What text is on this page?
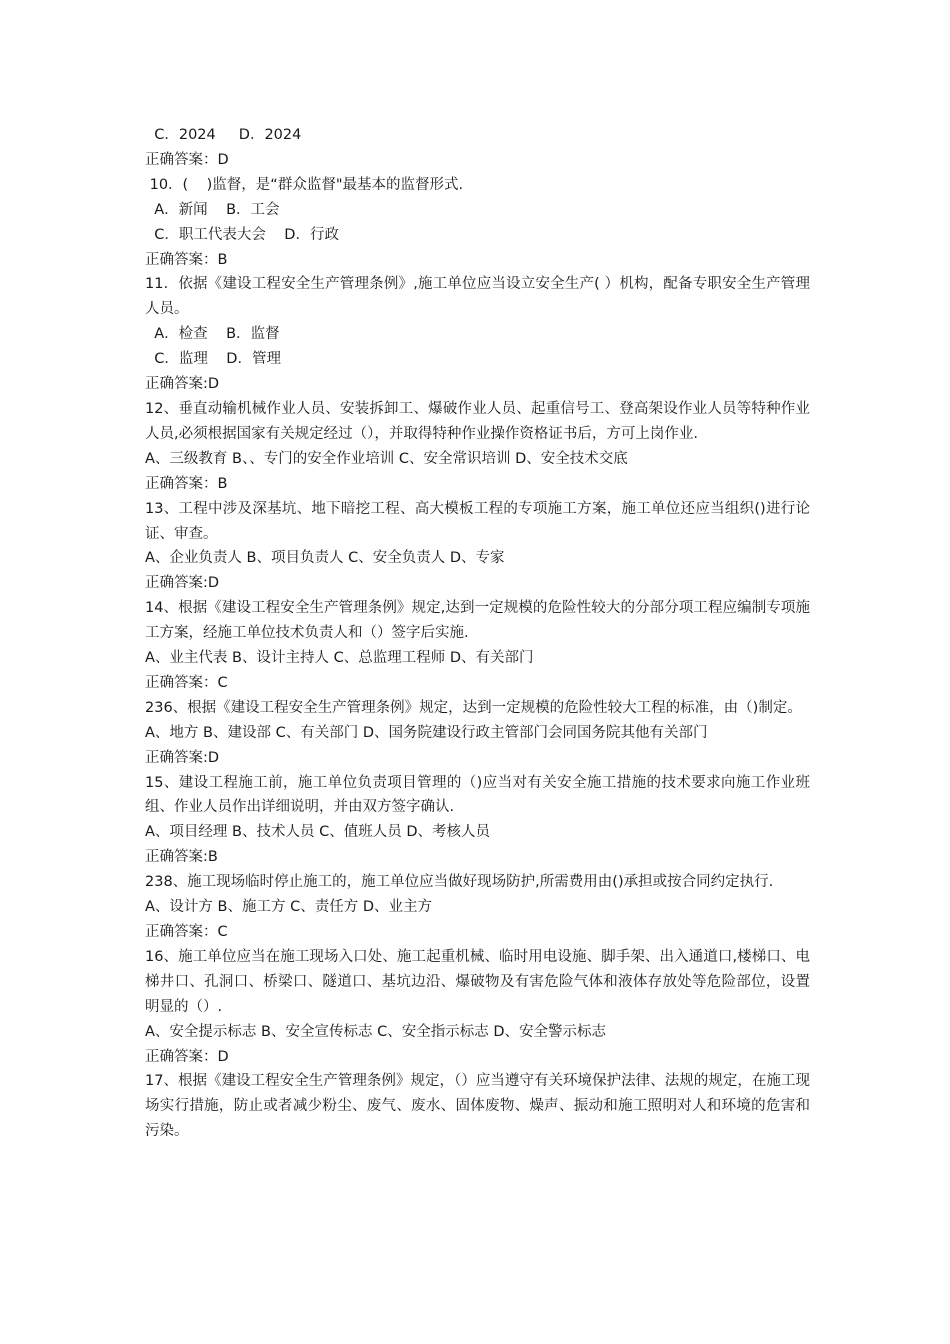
C．2024     D．2024
正确答案：D
10．(    )监督，是“群众监督"最基本的监督形式.
A．新闻    B．工会
C．职工代表大会    D．行政
正确答案：B
11．依据《建设工程安全生产管理条例》,施工单位应当设立安全生产( ）机构，配备专职安全生产管理人员。
A．检查    B．监督
C．监理    D．管理
正确答案:D
12、垂直动输机械作业人员、安装拆卸工、爆破作业人员、起重信号工、登高架设作业人员等特种作业人员,必须根据国家有关规定经过（），并取得特种作业操作资格证书后，方可上岗作业.
A、三级教育 B、、专门的安全作业培训 C、安全常识培训 D、安全技术交底
正确答案：B
13、工程中涉及深基坑、地下暗挖工程、高大模板工程的专项施工方案，施工单位还应当组织()进行论证、审查。
A、企业负责人 B、项目负责人 C、安全负责人 D、专家
正确答案:D
14、根据《建设工程安全生产管理条例》规定,达到一定规模的危险性较大的分部分项工程应编制专项施工方案，经施工单位技术负责人和（）签字后实施.
A、业主代表 B、设计主持人 C、总监理工程师 D、有关部门
正确答案：C
236、根据《建设工程安全生产管理条例》规定，达到一定规模的危险性较大工程的标准，由（)制定。
A、地方 B、建设部 C、有关部门 D、国务院建设行政主管部门会同国务院其他有关部门
正确答案:D
15、建设工程施工前，施工单位负责项目管理的（)应当对有关安全施工措施的技术要求向施工作业班组、作业人员作出详细说明，并由双方签字确认.
A、项目经理 B、技术人员 C、值班人员 D、考核人员
正确答案:B
238、施工现场临时停止施工的，施工单位应当做好现场防护,所需费用由()承担或按合同约定执行.
A、设计方 B、施工方 C、责任方 D、业主方
正确答案：C
16、施工单位应当在施工现场入口处、施工起重机械、临时用电设施、脚手架、出入通道口,楼梯口、电梯井口、孔洞口、桥梁口、隧道口、基坑边沿、爆破物及有害危险气体和液体存放处等危险部位，设置明显的（）.
A、安全提示标志 B、安全宣传标志 C、安全指示标志 D、安全警示标志
正确答案：D
17、根据《建设工程安全生产管理条例》规定，（）应当遵守有关环境保护法律、法规的规定，在施工现场实行措施，防止或者减少粉尘、废气、废水、固体废物、燥声、振动和施工照明对人和环境的危害和污染。
